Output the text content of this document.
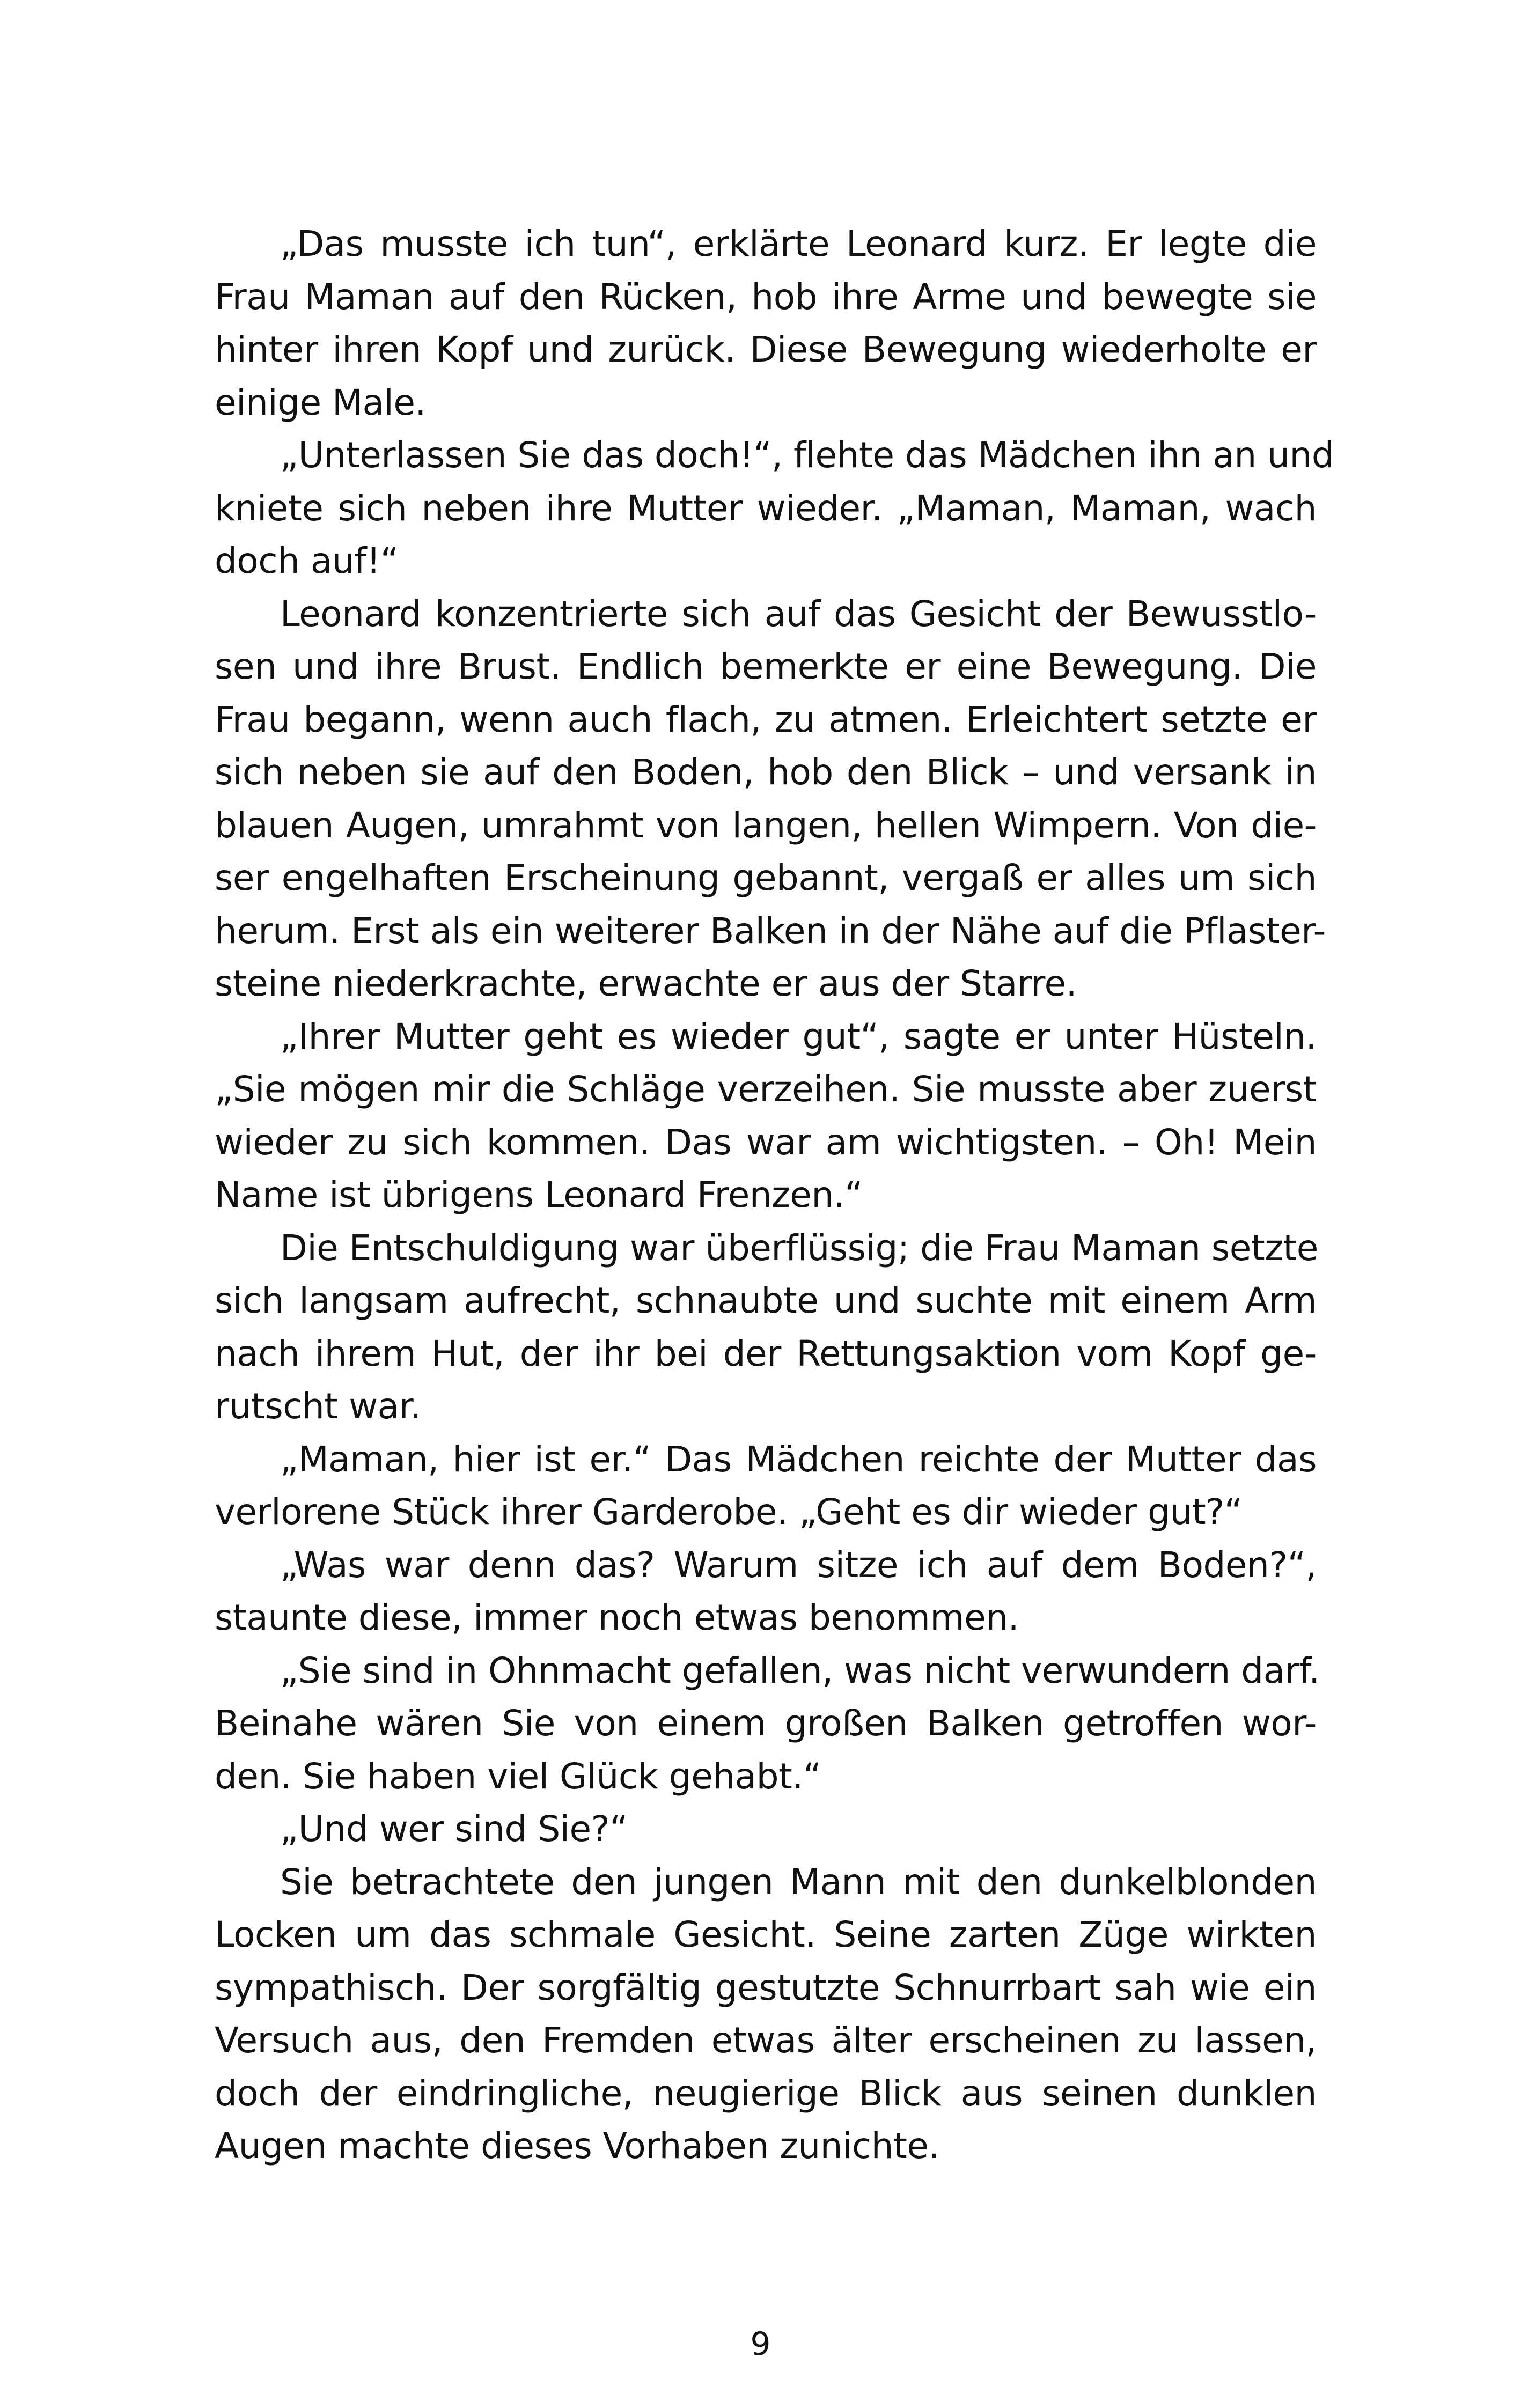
„Das musste ich tun“, erklärte Leonard kurz. Er legte die
Frau Maman auf den Rücken, hob ihre Arme und bewegte sie
hinter ihren Kopf und zurück. Diese Bewegung wiederholte er
einige Male.
„Unterlassen Sie das doch!“, flehte das Mädchen ihn an und
kniete sich neben ihre Mutter wieder. „Maman, Maman, wach
doch auf!“
Leonard konzentrierte sich auf das Gesicht der Bewusstlo-
sen und ihre Brust. Endlich bemerkte er eine Bewegung. Die
Frau begann, wenn auch flach, zu atmen. Erleichtert setzte er
sich neben sie auf den Boden, hob den Blick – und versank in
blauen Augen, umrahmt von langen, hellen Wimpern. Von die-
ser engelhaften Erscheinung gebannt, vergaß er alles um sich
herum. Erst als ein weiterer Balken in der Nähe auf die Pflaster-
steine niederkrachte, erwachte er aus der Starre.
„Ihrer Mutter geht es wieder gut“, sagte er unter Hüsteln.
„Sie mögen mir die Schläge verzeihen. Sie musste aber zuerst
wieder zu sich kommen. Das war am wichtigsten. – Oh! Mein
Name ist übrigens Leonard Frenzen.“
Die Entschuldigung war überflüssig; die Frau Maman setzte
sich langsam aufrecht, schnaubte und suchte mit einem Arm
nach ihrem Hut, der ihr bei der Rettungsaktion vom Kopf ge-
rutscht war.
„Maman, hier ist er.“ Das Mädchen reichte der Mutter das
verlorene Stück ihrer Garderobe. „Geht es dir wieder gut?“
„Was war denn das? Warum sitze ich auf dem Boden?“,
staunte diese, immer noch etwas benommen.
„Sie sind in Ohnmacht gefallen, was nicht verwundern darf.
Beinahe wären Sie von einem großen Balken getroffen wor-
den. Sie haben viel Glück gehabt.“
„Und wer sind Sie?“
Sie betrachtete den jungen Mann mit den dunkelblonden
Locken um das schmale Gesicht. Seine zarten Züge wirkten
sympathisch. Der sorgfältig gestutzte Schnurrbart sah wie ein
Versuch aus, den Fremden etwas älter erscheinen zu lassen,
doch der eindringliche, neugierige Blick aus seinen dunklen
Augen machte dieses Vorhaben zunichte.
9
